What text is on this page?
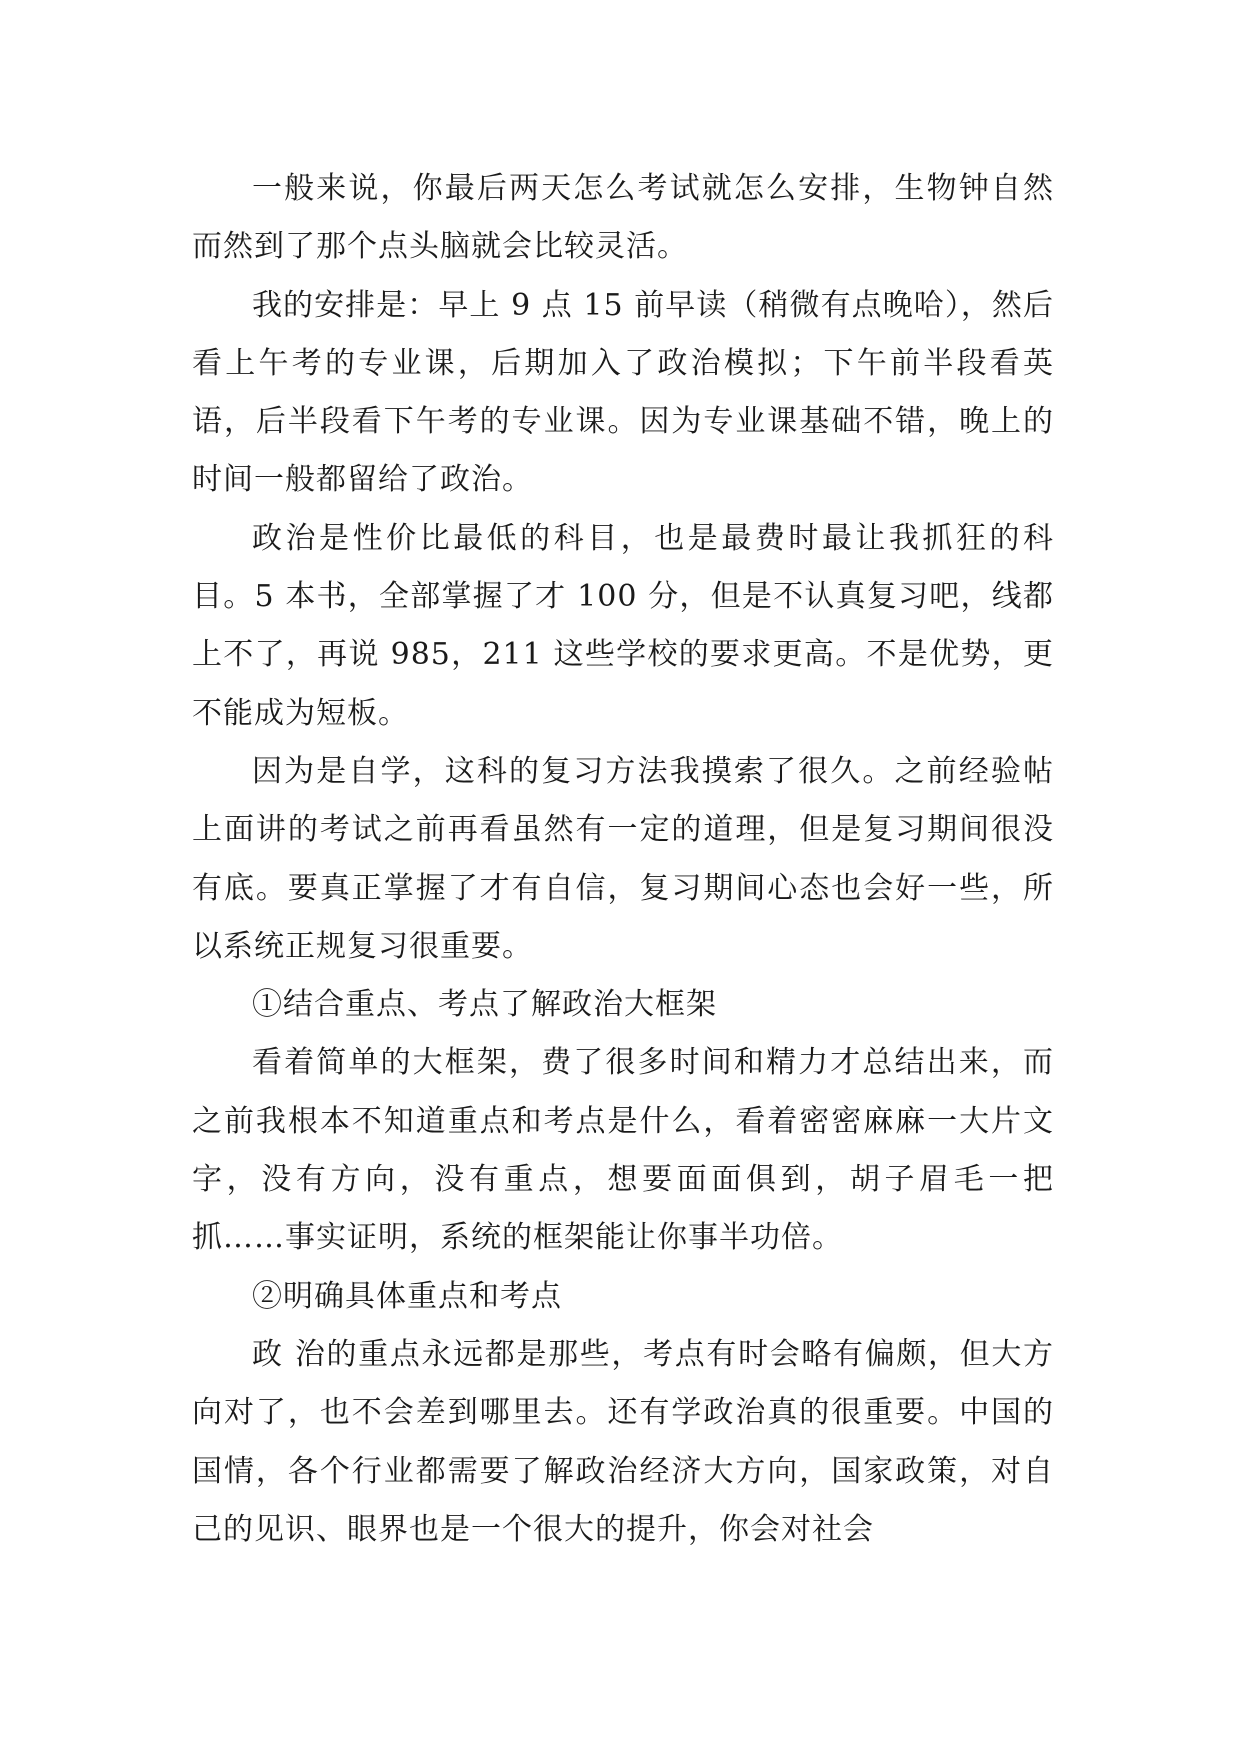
一般来说，你最后两天怎么考试就怎么安排，生物钟自然而然到了那个点头脑就会比较灵活。

我的安排是：早上 9 点 15 前早读（稍微有点晚哈），然后看上午考的专业课，后期加入了政治模拟；下午前半段看英语，后半段看下午考的专业课。因为专业课基础不错，晚上的时间一般都留给了政治。

政治是性价比最低的科目，也是最费时最让我抓狂的科目。5 本书，全部掌握了才 100 分，但是不认真复习吧，线都上不了，再说 985，211 这些学校的要求更高。不是优势，更不能成为短板。

因为是自学，这科的复习方法我摸索了很久。之前经验帖上面讲的考试之前再看虽然有一定的道理，但是复习期间很没有底。要真正掌握了才有自信，复习期间心态也会好一些，所以系统正规复习很重要。

①结合重点、考点了解政治大框架

看着简单的大框架，费了很多时间和精力才总结出来，而之前我根本不知道重点和考点是什么，看着密密麻麻一大片文字，没有方向，没有重点，想要面面俱到，胡子眉毛一把抓……事实证明，系统的框架能让你事半功倍。

②明确具体重点和考点

政 治的重点永远都是那些，考点有时会略有偏颇，但大方向对了，也不会差到哪里去。还有学政治真的很重要。中国的国情，各个行业都需要了解政治经济大方向，国家政策，对自己的见识、眼界也是一个很大的提升，你会对社会
